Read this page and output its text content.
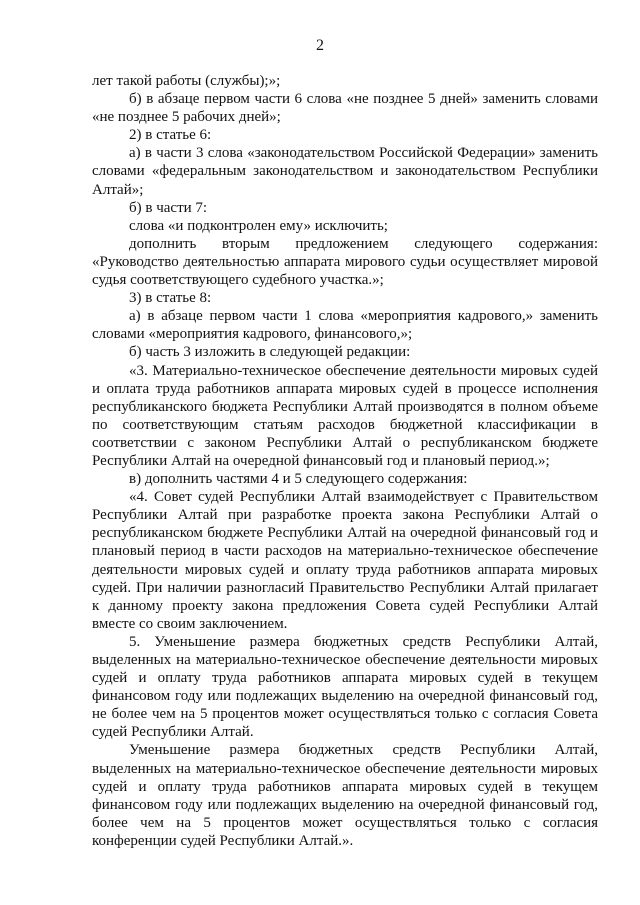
2

лет такой работы (службы);»;

б) в абзаце первом части 6 слова «не позднее 5 дней» заменить словами «не позднее 5 рабочих дней»;

2) в статье 6:

а) в части 3 слова «законодательством Российской Федерации» заменить словами «федеральным законодательством и законодательством Республики Алтай»;

б) в части 7:

слова «и подконтролен ему» исключить;

дополнить вторым предложением следующего содержания: «Руководство деятельностью аппарата мирового судьи осуществляет мировой судья соответствующего судебного участка.»;

3) в статье 8:

а) в абзаце первом части 1 слова «мероприятия кадрового,» заменить словами «мероприятия кадрового, финансового,»;

б) часть 3 изложить в следующей редакции:

«3. Материально-техническое обеспечение деятельности мировых судей и оплата труда работников аппарата мировых судей в процессе исполнения республиканского бюджета Республики Алтай производятся в полном объеме по соответствующим статьям расходов бюджетной классификации в соответствии с законом Республики Алтай о республиканском бюджете Республики Алтай на очередной финансовый год и плановый период.»;

в) дополнить частями 4 и 5 следующего содержания:

«4. Совет судей Республики Алтай взаимодействует с Правительством Республики Алтай при разработке проекта закона Республики Алтай о республиканском бюджете Республики Алтай на очередной финансовый год и плановый период в части расходов на материально-техническое обеспечение деятельности мировых судей и оплату труда работников аппарата мировых судей. При наличии разногласий Правительство Республики Алтай прилагает к данному проекту закона предложения Совета судей Республики Алтай вместе со своим заключением.

5. Уменьшение размера бюджетных средств Республики Алтай, выделенных на материально-техническое обеспечение деятельности мировых судей и оплату труда работников аппарата мировых судей в текущем финансовом году или подлежащих выделению на очередной финансовый год, не более чем на 5 процентов может осуществляться только с согласия Совета судей Республики Алтай.

Уменьшение размера бюджетных средств Республики Алтай, выделенных на материально-техническое обеспечение деятельности мировых судей и оплату труда работников аппарата мировых судей в текущем финансовом году или подлежащих выделению на очередной финансовый год, более чем на 5 процентов может осуществляться только с согласия конференции судей Республики Алтай.».
